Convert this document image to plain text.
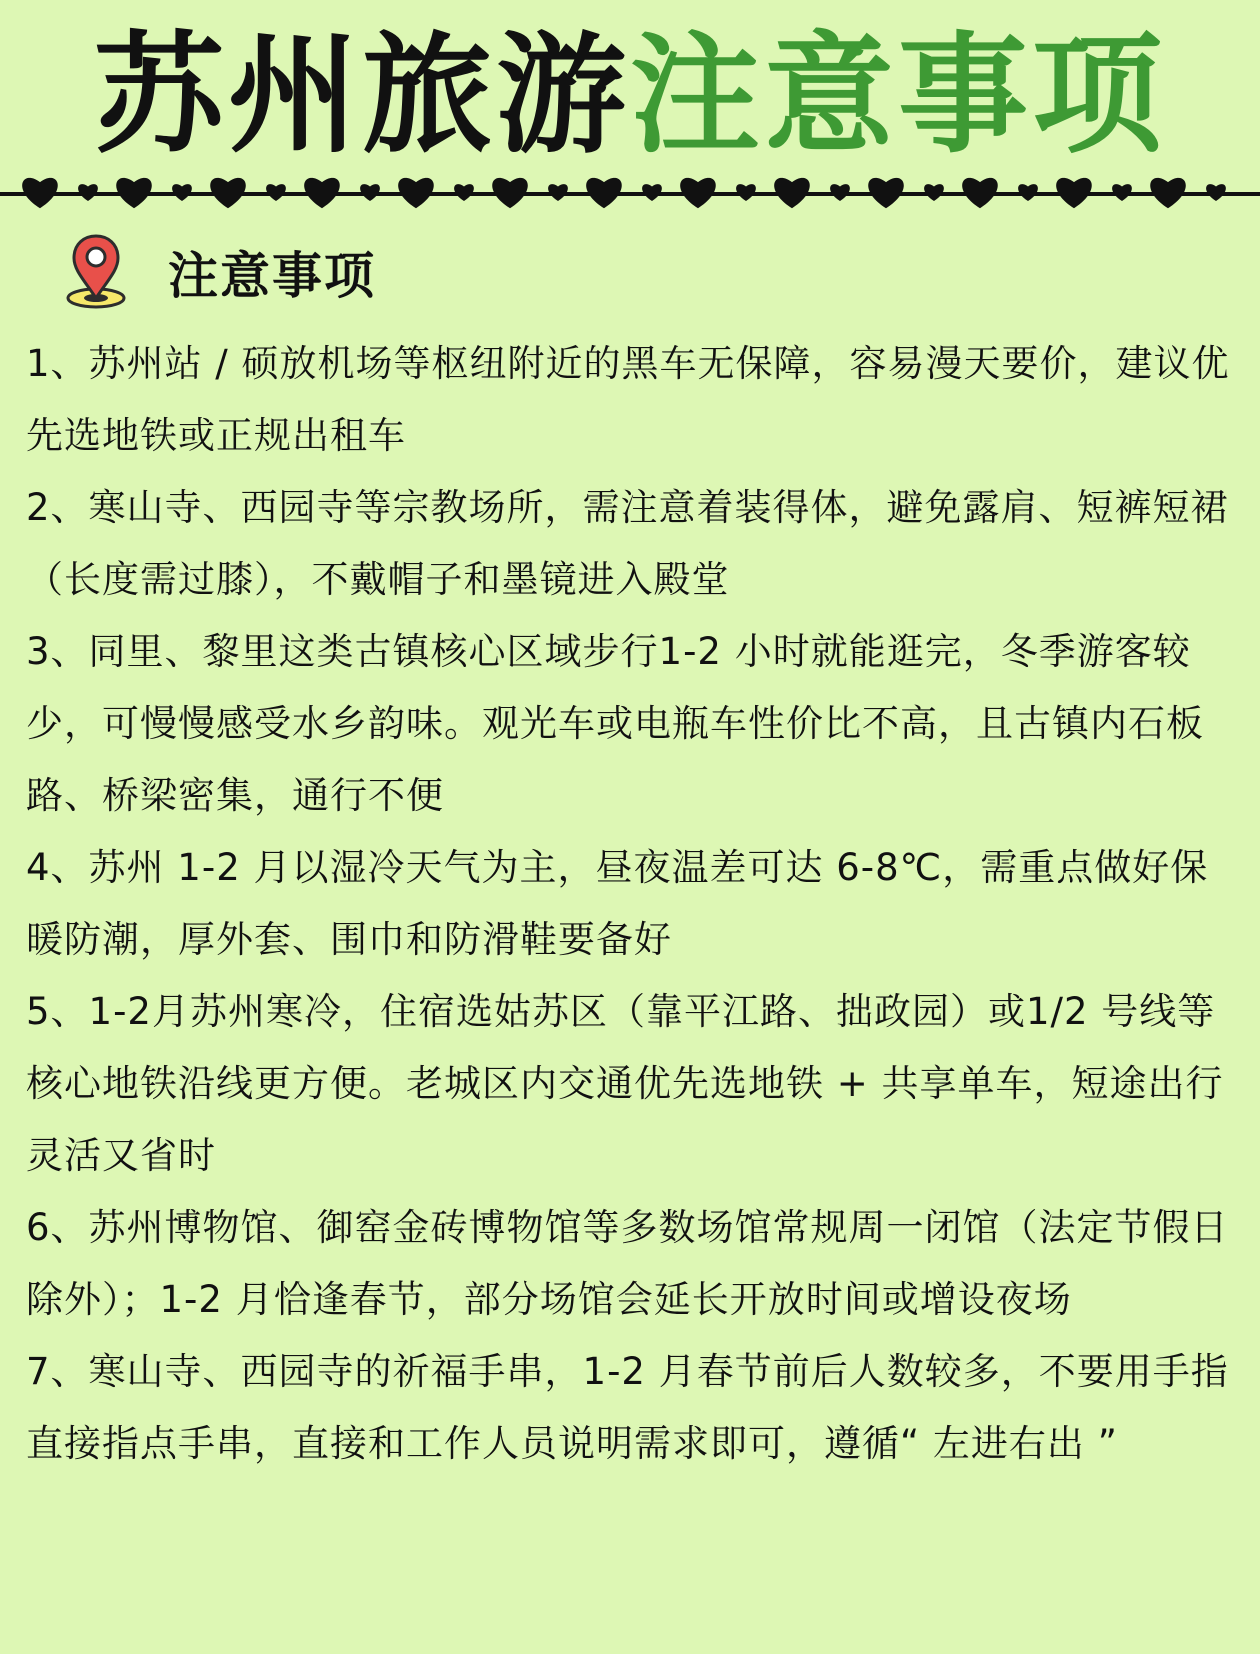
苏州旅游注意事项
注意事项
1、苏州站 / 硕放机场等枢纽附近的黑车无保障，容易漫天要价，建议优先选地铁或正规出租车
2、寒山寺、西园寺等宗教场所，需注意着装得体，避免露肩、短裤短裙（长度需过膝），不戴帽子和墨镜进入殿堂
3、同里、黎里这类古镇核心区域步行1-2 小时就能逛完，冬季游客较少，可慢慢感受水乡韵味。观光车或电瓶车性价比不高，且古镇内石板路、桥梁密集，通行不便
4、苏州 1-2 月以湿冷天气为主，昼夜温差可达 6-8℃，需重点做好保暖防潮，厚外套、围巾和防滑鞋要备好
5、1-2月苏州寒冷，住宿选姑苏区（靠平江路、拙政园）或1/2 号线等核心地铁沿线更方便。老城区内交通优先选地铁 + 共享单车，短途出行灵活又省时
6、苏州博物馆、御窑金砖博物馆等多数场馆常规周一闭馆（法定节假日除外）；1-2 月恰逢春节，部分场馆会延长开放时间或增设夜场
7、寒山寺、西园寺的祈福手串，1-2 月春节前后人数较多，不要用手指直接指点手串，直接和工作人员说明需求即可，遵循“ 左进右出 ”
